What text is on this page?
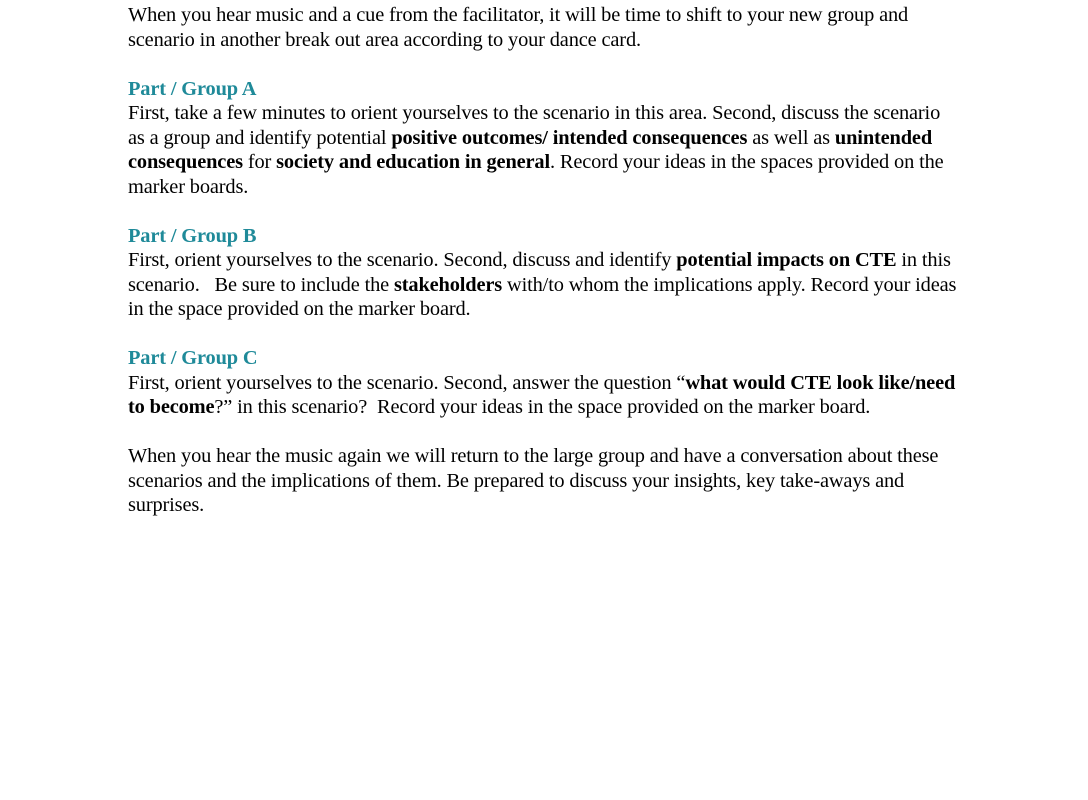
When you hear music and a cue from the facilitator, it will be time to shift to your new group and scenario in another break out area according to your dance card.

Part / Group A

First, take a few minutes to orient yourselves to the scenario in this area. Second, discuss the scenario as a group and identify potential positive outcomes/ intended consequences as well as unintended consequences for society and education in general. Record your ideas in the spaces provided on the marker boards.

Part / Group B

First, orient yourselves to the scenario. Second, discuss and identify potential impacts on CTE in this scenario.   Be sure to include the stakeholders with/to whom the implications apply. Record your ideas in the space provided on the marker board.

Part / Group C

First, orient yourselves to the scenario. Second, answer the question “what would CTE look like/need to become?” in this scenario?  Record your ideas in the space provided on the marker board.

When you hear the music again we will return to the large group and have a conversation about these scenarios and the implications of them. Be prepared to discuss your insights, key take-aways and surprises.
